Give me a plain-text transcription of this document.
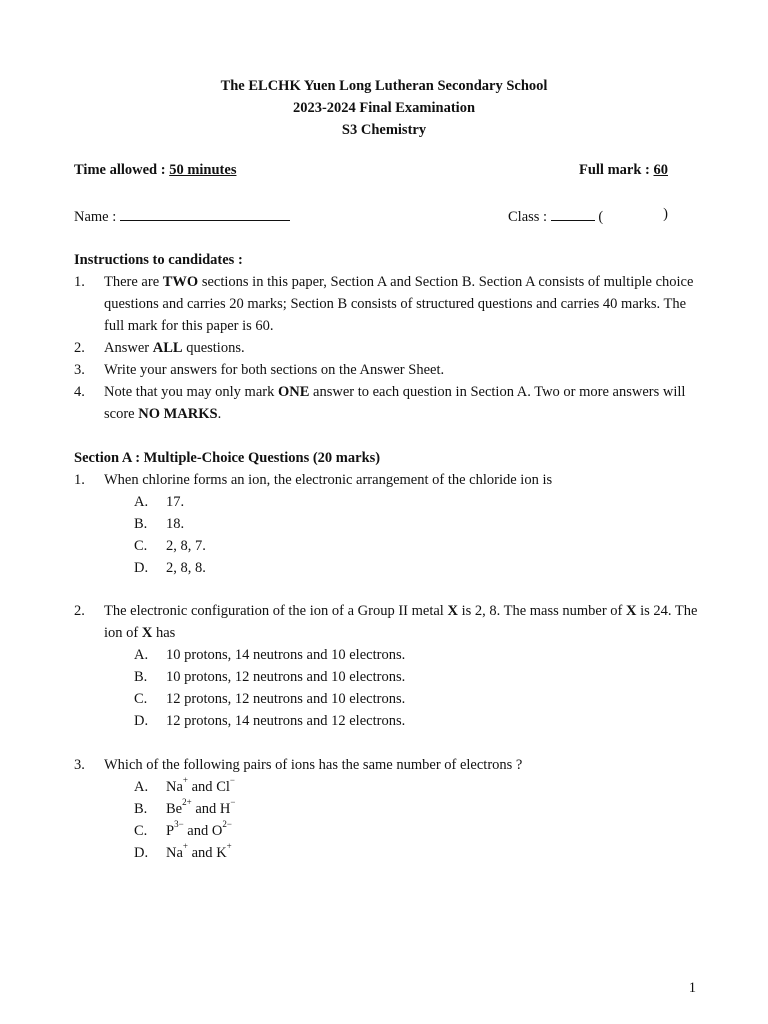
The ELCHK Yuen Long Lutheran Secondary School
2023-2024 Final Examination
S3 Chemistry
Time allowed : 50 minutes	Full mark : 60
Name :	Class :	(	)
Instructions to candidates :
1. There are TWO sections in this paper, Section A and Section B. Section A consists of multiple choice questions and carries 20 marks; Section B consists of structured questions and carries 40 marks. The full mark for this paper is 60.
2. Answer ALL questions.
3. Write your answers for both sections on the Answer Sheet.
4. Note that you may only mark ONE answer to each question in Section A. Two or more answers will score NO MARKS.
Section A : Multiple-Choice Questions (20 marks)
1. When chlorine forms an ion, the electronic arrangement of the chloride ion is
A. 17.
B. 18.
C. 2, 8, 7.
D. 2, 8, 8.
2. The electronic configuration of the ion of a Group II metal X is 2, 8. The mass number of X is 24. The ion of X has
A. 10 protons, 14 neutrons and 10 electrons.
B. 10 protons, 12 neutrons and 10 electrons.
C. 12 protons, 12 neutrons and 10 electrons.
D. 12 protons, 14 neutrons and 12 electrons.
3. Which of the following pairs of ions has the same number of electrons ?
A. Na+ and Cl−
B. $Be^{2+}$ and H−
C. $P^{3-}$ and $O^{2-}$
D. Na+ and K+
1
